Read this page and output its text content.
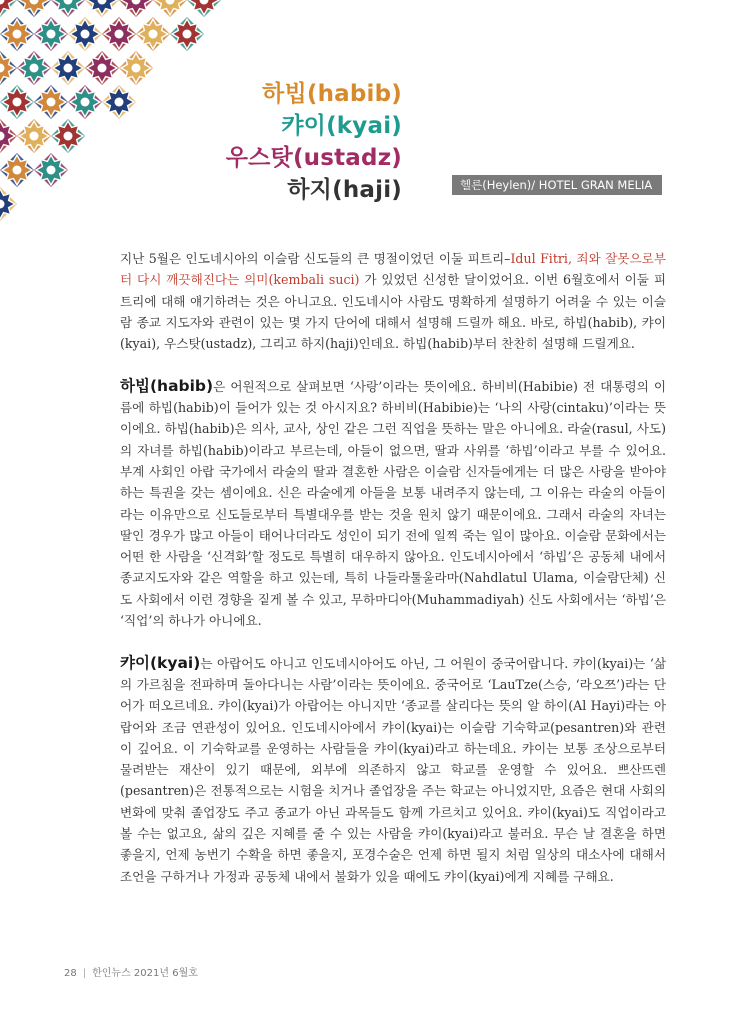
하빕(habib)
캬이(kyai)
우스탓(ustadz)
하지(haji)	헬른(Heylen)/ HOTEL GRAN MELIA

지난 5월은 인도네시아의 이슬람 신도들의 큰 명절이었던 이둘 피트리–Idul Fitri, 죄와 잘못으로부터 다시 깨끗해진다는 의미(kembali suci) 가 있었던 신성한 달이었어요. 이번 6월호에서 이둘 피트리에 대해 얘기하려는 것은 아니고요. 인도네시아 사람도 명확하게 설명하기 어려울 수 있는 이슬람 종교 지도자와 관련이 있는 몇 가지 단어에 대해서 설명해 드릴까 해요. 바로, 하빕(habib), 캬이(kyai), 우스탓(ustadz), 그리고 하지(haji)인데요. 하빕(habib)부터 찬찬히 설명해 드릴게요.

하빕(habib)은 어원적으로 살펴보면 ‘사랑’이라는 뜻이에요. 하비비(Habibie) 전 대통령의 이름에 하빕(habib)이 들어가 있는 것 아시지요? 하비비(Habibie)는 ‘나의 사랑(cintaku)’이라는 뜻이에요. 하빕(habib)은 의사, 교사, 상인 같은 그런 직업을 뜻하는 말은 아니에요. 라술(rasul, 사도)의 자녀를 하빕(habib)이라고 부르는데, 아들이 없으면, 딸과 사위를 ‘하빕’이라고 부를 수 있어요. 부계 사회인 아랍 국가에서 라술의 딸과 결혼한 사람은 이슬람 신자들에게는 더 많은 사랑을 받아야 하는 특권을 갖는 셈이에요. 신은 라술에게 아들을 보통 내려주지 않는데, 그 이유는 라술의 아들이라는 이유만으로 신도들로부터 특별대우를 받는 것을 원치 않기 때문이에요. 그래서 라술의 자녀는 딸인 경우가 많고 아들이 태어나더라도 성인이 되기 전에 일찍 죽는 일이 많아요. 이슬람 문화에서는 어떤 한 사람을 ‘신격화’할 정도로 특별히 대우하지 않아요. 인도네시아에서 ‘하빕’은 공동체 내에서 종교지도자와 같은 역할을 하고 있는데, 특히 나들라툴울라마(Nahdlatul Ulama, 이슬람단체) 신도 사회에서 이런 경향을 짙게 볼 수 있고, 무하마디아(Muhammadiyah) 신도 사회에서는 ‘하빕’은 ‘직업’의 하나가 아니에요.

캬이(kyai)는 아랍어도 아니고 인도네시아어도 아닌, 그 어원이 중국어랍니다. 캬이(kyai)는 ‘삶의 가르침을 전파하며 돌아다니는 사람’이라는 뜻이에요. 중국어로 ‘LauTze(스승, ‘라오쯔’)라는 단어가 떠오르네요. 캬이(kyai)가 아랍어는 아니지만 ‘종교를 살리다는 뜻의 알 하이(Al Hayi)라는 아랍어와 조금 연관성이 있어요. 인도네시아에서 캬이(kyai)는 이슬람 기숙학교(pesantren)와 관련이 깊어요. 이 기숙학교를 운영하는 사람들을 캬이(kyai)라고 하는데요. 캬이는 보통 조상으로부터 물려받는 재산이 있기 때문에, 외부에 의존하지 않고 학교를 운영할 수 있어요. 쁘산뜨렌(pesantren)은 전통적으로는 시험을 치거나 졸업장을 주는 학교는 아니었지만, 요즘은 현대 사회의 변화에 맞춰 졸업장도 주고 종교가 아닌 과목들도 함께 가르치고 있어요. 캬이(kyai)도 직업이라고 볼 수는 없고요, 삶의 깊은 지혜를 줄 수 있는 사람을 캬이(kyai)라고 불러요. 무슨 날 결혼을 하면 좋을지, 언제 농번기 수확을 하면 좋을지, 포경수술은 언제 하면 될지 처럼 일상의 대소사에 대해서 조언을 구하거나 가정과 공동체 내에서 불화가 있을 때에도 캬이(kyai)에게 지혜를 구해요.

28 | 한인뉴스 2021년 6월호
